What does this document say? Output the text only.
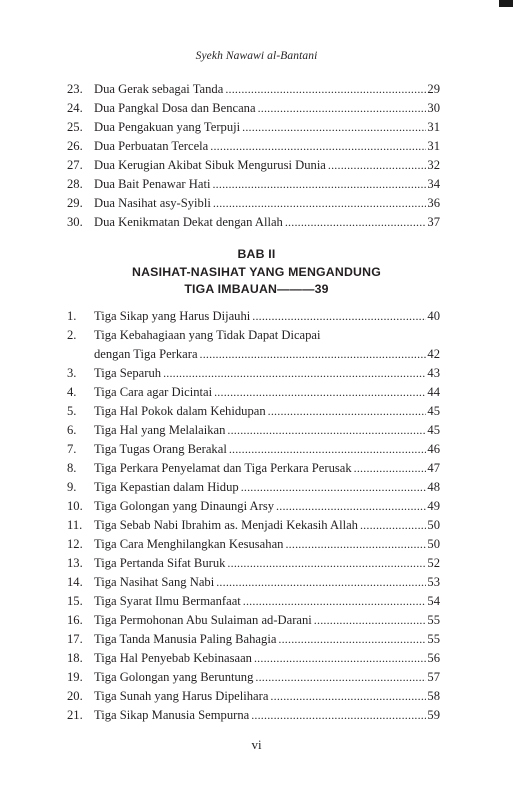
Syekh Nawawi al-Bantani
23. Dua Gerak sebagai Tanda .....	29
24. Dua Pangkal Dosa dan Bencana .....	30
25. Dua Pengakuan yang Terpuji .....	31
26. Dua Perbuatan Tercela .....	31
27. Dua Kerugian Akibat Sibuk Mengurusi Dunia .....	32
28. Dua Bait Penawar Hati .....	34
29. Dua Nasihat asy-Syibli .....	36
30. Dua Kenikmatan Dekat dengan Allah .....	37
BAB II
NASIHAT-NASIHAT YANG MENGANDUNG
TIGA IMBAUAN———39
1. Tiga Sikap yang Harus Dijauhi .....	40
2. Tiga Kebahagiaan yang Tidak Dapat Dicapai
dengan Tiga Perkara .....	42
3. Tiga Separuh .....	43
4. Tiga Cara agar Dicintai .....	44
5. Tiga Hal Pokok dalam Kehidupan .....	45
6. Tiga Hal yang Melalaikan .....	45
7. Tiga Tugas Orang Berakal .....	46
8. Tiga Perkara Penyelamat dan Tiga Perkara Perusak .....	47
9. Tiga Kepastian dalam Hidup .....	48
10. Tiga Golongan yang Dinaungi Arsy .....	49
11. Tiga Sebab Nabi Ibrahim as. Menjadi Kekasih Allah .....	50
12. Tiga Cara Menghilangkan Kesusahan .....	50
13. Tiga Pertanda Sifat Buruk .....	52
14. Tiga Nasihat Sang Nabi .....	53
15. Tiga Syarat Ilmu Bermanfaat .....	54
16. Tiga Permohonan Abu Sulaiman ad-Darani .....	55
17. Tiga Tanda Manusia Paling Bahagia .....	55
18. Tiga Hal Penyebab Kebinasaan .....	56
19. Tiga Golongan yang Beruntung .....	57
20. Tiga Sunah yang Harus Dipelihara .....	58
21. Tiga Sikap Manusia Sempurna .....	59
vi
